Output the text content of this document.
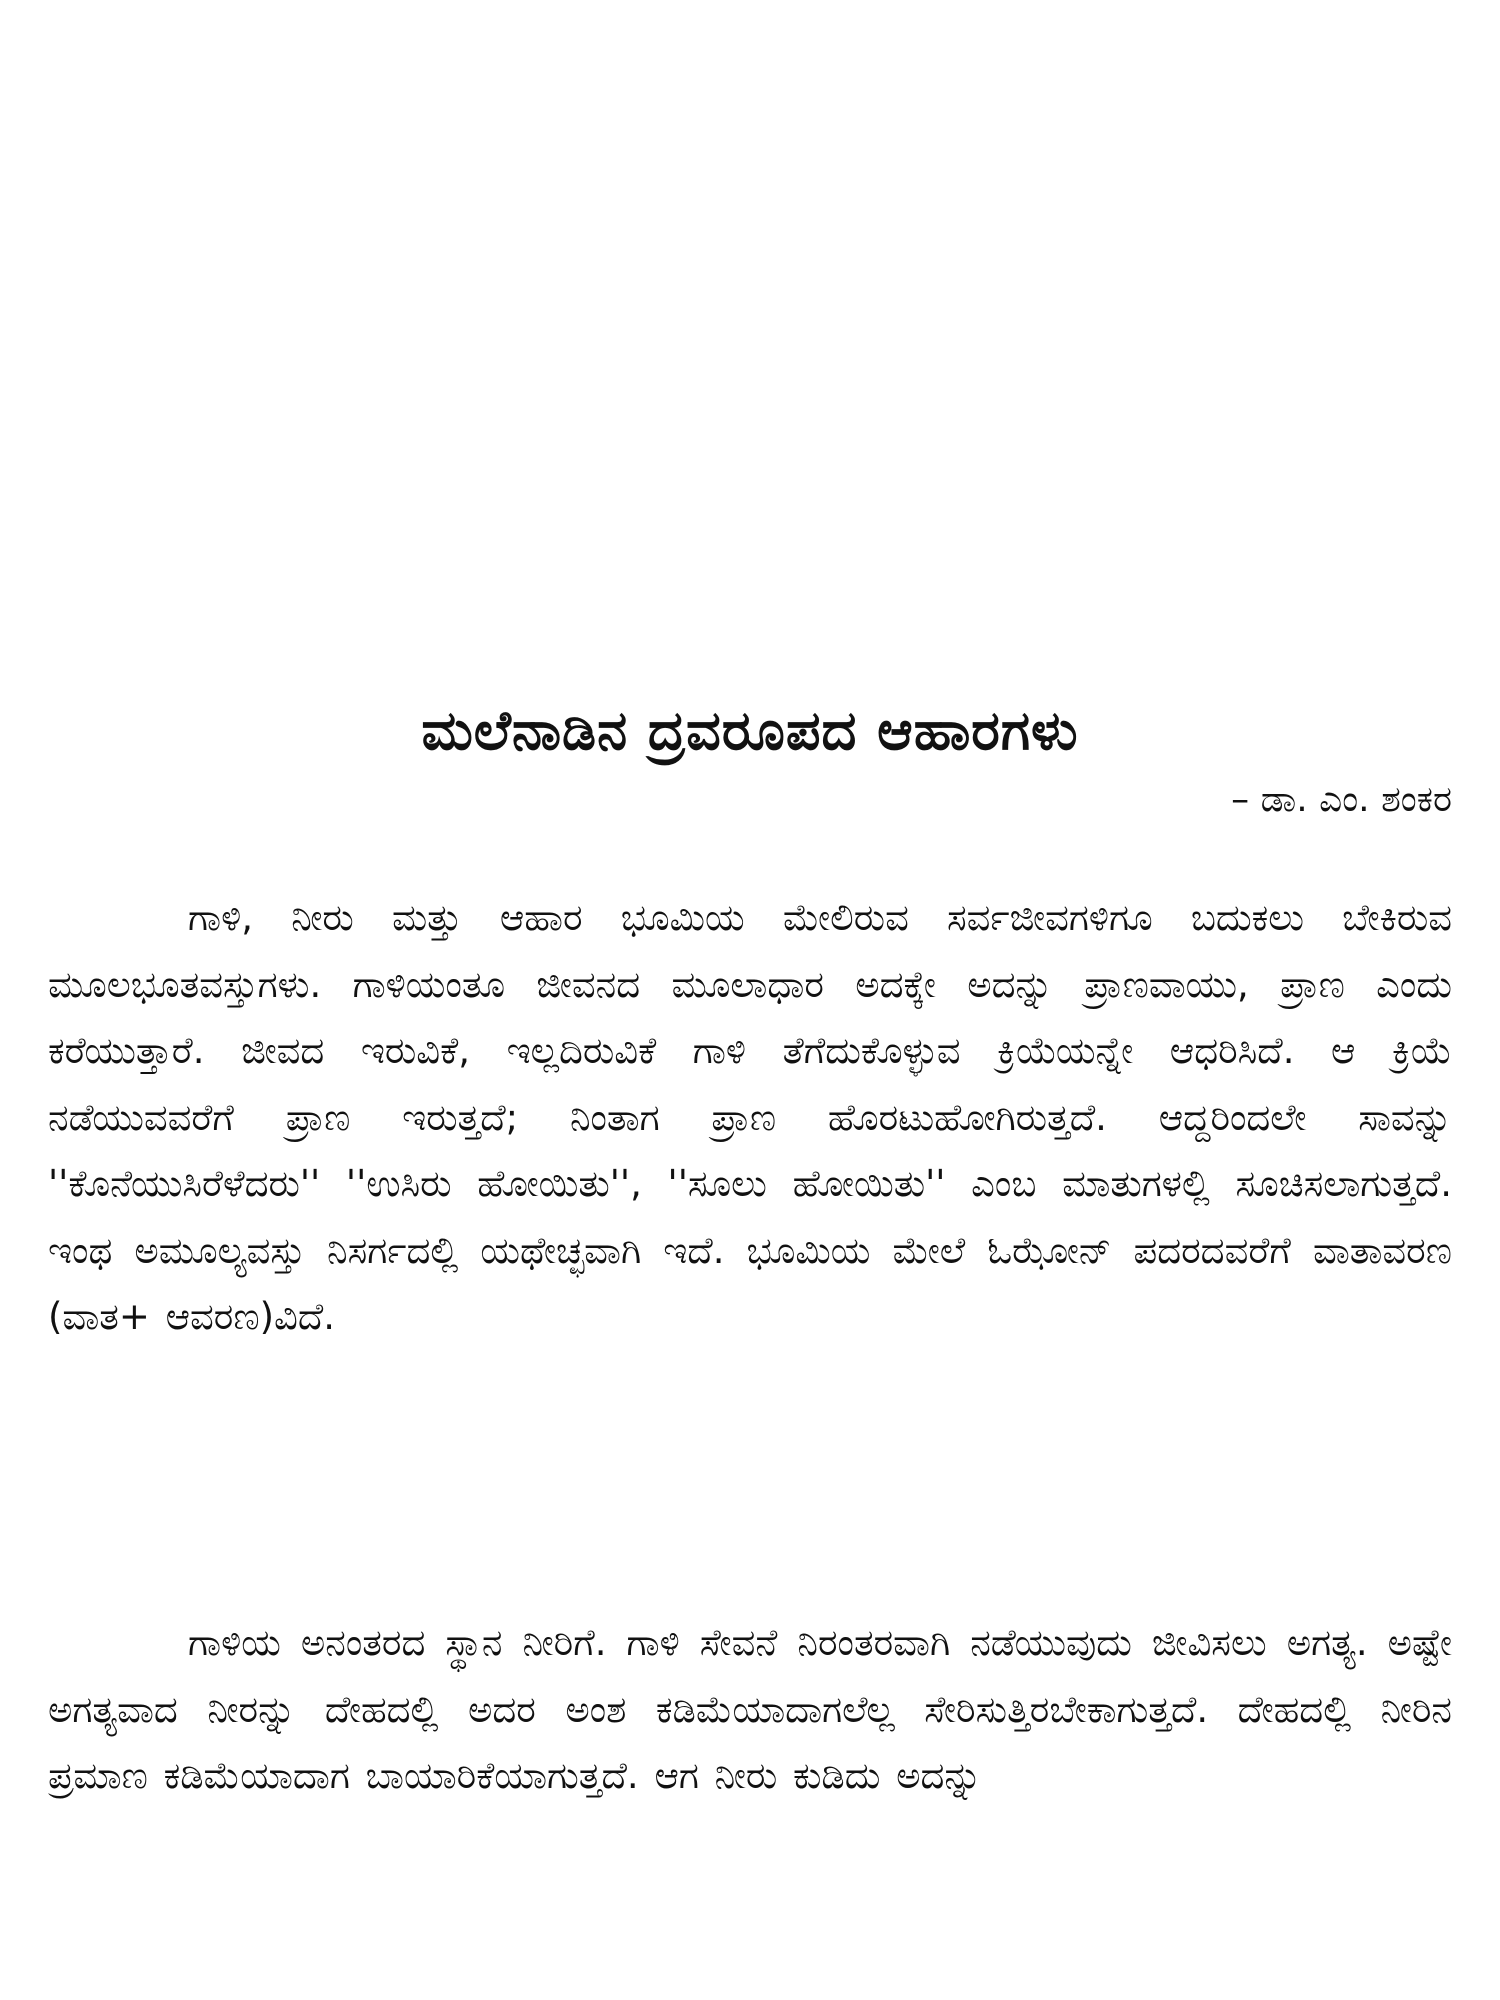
ಮಲೆನಾಡಿನ ದ್ರವರೂಪದ ಆಹಾರಗಳು
– ಡಾ. ಎಂ. ಶಂಕರ

ಗಾಳಿ, ನೀರು ಮತ್ತು ಆಹಾರ ಭೂಮಿಯ ಮೇಲಿರುವ ಸರ್ವಜೀವಗಳಿಗೂ ಬದುಕಲು ಬೇಕಿರುವ ಮೂಲಭೂತವಸ್ತುಗಳು. ಗಾಳಿಯಂತೂ ಜೀವನದ ಮೂಲಾಧಾರ ಅದಕ್ಕೇ ಅದನ್ನು ಪ್ರಾಣವಾಯು, ಪ್ರಾಣ ಎಂದು ಕರೆಯುತ್ತಾರೆ. ಜೀವದ ಇರುವಿಕೆ, ಇಲ್ಲದಿರುವಿಕೆ ಗಾಳಿ ತೆಗೆದುಕೊಳ್ಳುವ ಕ್ರಿಯೆಯನ್ನೇ ಆಧರಿಸಿದೆ. ಆ ಕ್ರಿಯೆ ನಡೆಯುವವರೆಗೆ ಪ್ರಾಣ ಇರುತ್ತದೆ; ನಿಂತಾಗ ಪ್ರಾಣ ಹೊರಟುಹೋಗಿರುತ್ತದೆ. ಆದ್ದರಿಂದಲೇ ಸಾವನ್ನು ''ಕೊನೆಯುಸಿರೆಳೆದರು'' ''ಉಸಿರು ಹೋಯಿತು'', ''ಸೂಲು ಹೋಯಿತು'' ಎಂಬ ಮಾತುಗಳಲ್ಲಿ ಸೂಚಿಸಲಾಗುತ್ತದೆ. ಇಂಥ ಅಮೂಲ್ಯವಸ್ತು ನಿಸರ್ಗದಲ್ಲಿ ಯಥೇಚ್ಛವಾಗಿ ಇದೆ. ಭೂಮಿಯ ಮೇಲೆ ಓಝೋನ್ ಪದರದವರೆಗೆ ವಾತಾವರಣ (ವಾತ+ ಆವರಣ)ವಿದೆ.

ಗಾಳಿಯ ಅನಂತರದ ಸ್ಥಾನ ನೀರಿಗೆ. ಗಾಳಿ ಸೇವನೆ ನಿರಂತರವಾಗಿ ನಡೆಯುವುದು ಜೀವಿಸಲು ಅಗತ್ಯ. ಅಷ್ಟೇ ಅಗತ್ಯವಾದ ನೀರನ್ನು ದೇಹದಲ್ಲಿ ಅದರ ಅಂಶ ಕಡಿಮೆಯಾದಾಗಲೆಲ್ಲ ಸೇರಿಸುತ್ತಿರಬೇಕಾಗುತ್ತದೆ. ದೇಹದಲ್ಲಿ ನೀರಿನ ಪ್ರಮಾಣ ಕಡಿಮೆಯಾದಾಗ ಬಾಯಾರಿಕೆಯಾಗುತ್ತದೆ. ಆಗ ನೀರು ಕುಡಿದು ಅದನ್ನು
